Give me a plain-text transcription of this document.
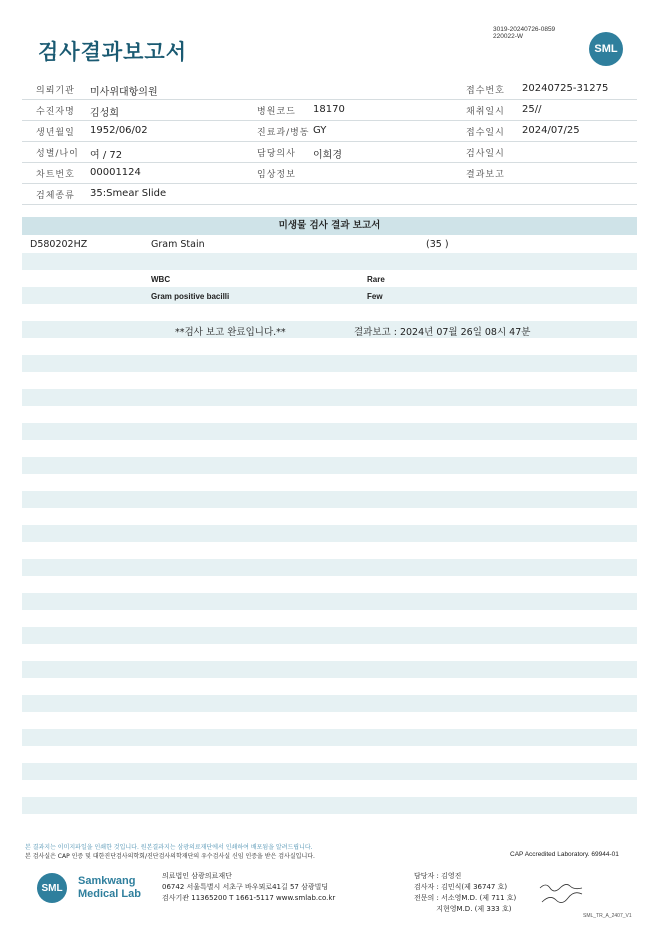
검사결과보고서
3019-20240726-0859
220022-W
SML
의뢰기관 미사위대항의원	접수번호 20240725-31275
수진자명 김성희	병원코드 18170	채취일시 25//
생년월일 1952/06/02	진료과/병동 GY	접수일시 2024/07/25
성별/나이 여 / 72	담당의사 이희경	검사일시
차트번호 00001124	임상정보	결과보고
검체종류 35:Smear Slide
미생물 검사 결과 보고서
D580202HZ	Gram Stain	(35 )
WBC	Rare
Gram positive bacilli	Few
**검사 보고 완료입니다.**	결과보고 : 2024년 07월 26일 08시 47분
본 결과지는 이미지파일을 인쇄한 것입니다. 원본결과지는 삼광의료재단에서 인쇄하여 배포됨을 알려드립니다.
본 검사실은 CAP 인증 및 대한진단검사의학회/진단검사의학재단의 우수검사실 신임 인증을 받은 검사실입니다.	CAP Accredited Laboratory. 69944-01
SML
Samkwang
Medical Lab
의료법인 삼광의료재단
06742 서울특별시 서초구 바우뫼로41길 57 삼광빌딩
검사기관 11365200 T 1661-5117 www.smlab.co.kr
담당자 : 김영진
검사자 : 김민식(제 36747 호)
전문의 : 서소영M.D. (제 711 호)
지현영M.D. (제 333 호)
SML_TR_A_2407_V1
